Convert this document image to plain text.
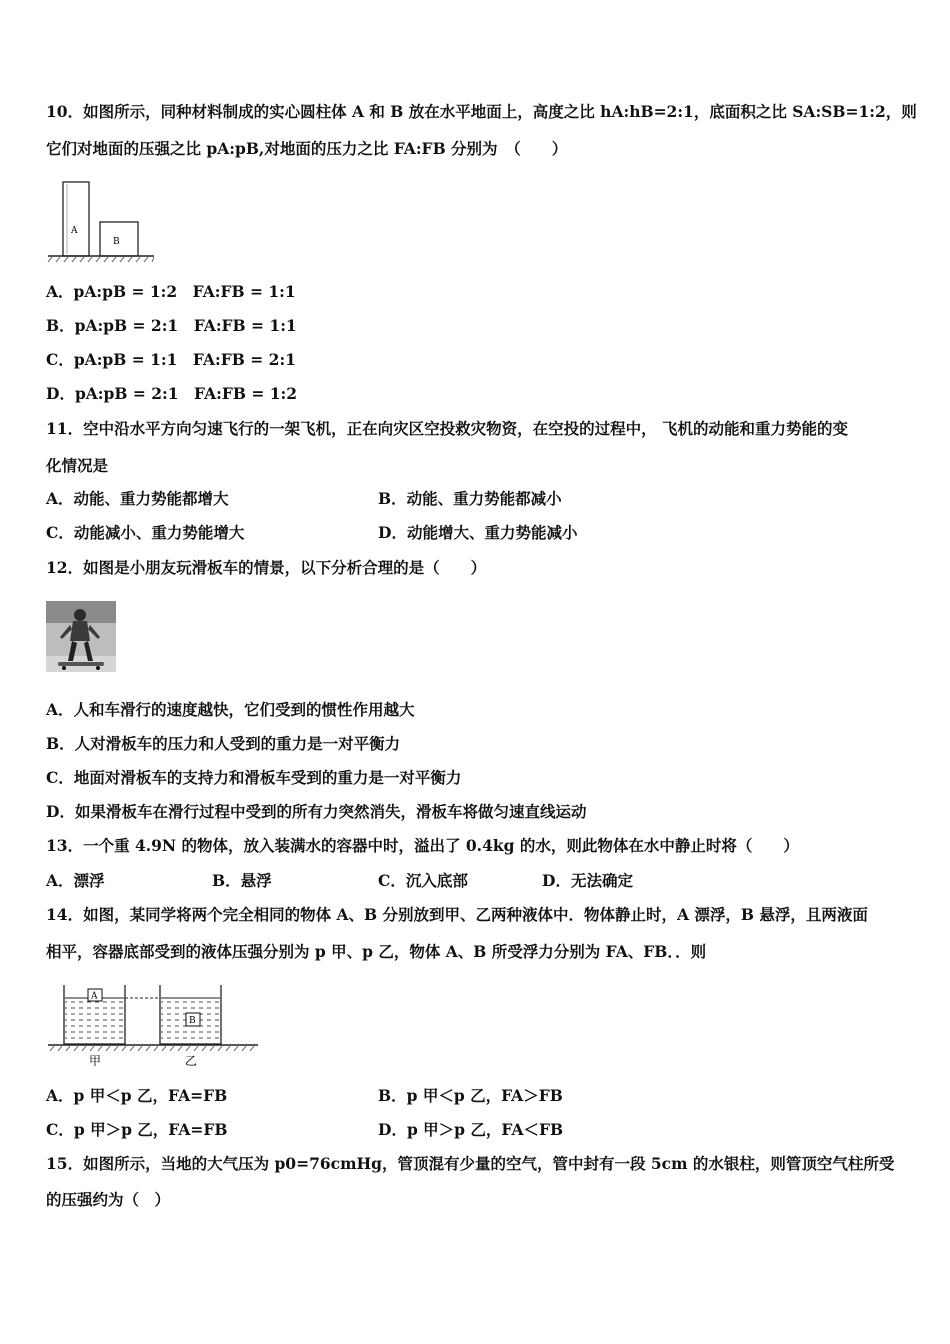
10．如图所示，同种材料制成的实心圆柱体 A 和 B 放在水平地面上，高度之比 hA:hB=2:1，底面积之比 SA:SB=1:2，则
它们对地面的压强之比 pA:pB,对地面的压力之比 FA:FB 分别为　（　　）
A
B
A．pA:pB = 1:2　FA:FB = 1:1
B．pA:pB = 2:1　FA:FB = 1:1
C．pA:pB = 1:1　FA:FB = 2:1
D．pA:pB = 2:1　FA:FB = 1:2
11．空中沿水平方向匀速飞行的一架飞机，正在向灾区空投救灾物资，在空投的过程中， 飞机的动能和重力势能的变
化情况是
A．动能、重力势能都增大	B．动能、重力势能都减小
C．动能减小、重力势能增大	D．动能增大、重力势能减小
12．如图是小朋友玩滑板车的情景，以下分析合理的是（　　）
A．人和车滑行的速度越快，它们受到的惯性作用越大
B．人对滑板车的压力和人受到的重力是一对平衡力
C．地面对滑板车的支持力和滑板车受到的重力是一对平衡力
D．如果滑板车在滑行过程中受到的所有力突然消失，滑板车将做匀速直线运动
13．一个重 4.9N 的物体，放入装满水的容器中时，溢出了 0.4kg 的水，则此物体在水中静止时将（　　）
A．漂浮	B．悬浮	C．沉入底部	D．无法确定
14．如图，某同学将两个完全相同的物体 A、B 分别放到甲、乙两种液体中．物体静止时，A 漂浮，B 悬浮，且两液面
相平，容器底部受到的液体压强分别为 p 甲、p 乙，物体 A、B 所受浮力分别为 FA、FB．．则
A
B
甲	乙
A．p 甲＜p 乙，FA=FB	B．p 甲＜p 乙，FA＞FB
C．p 甲＞p 乙，FA=FB	D．p 甲＞p 乙，FA＜FB
15．如图所示，当地的大气压为 p0=76cmHg，管顶混有少量的空气，管中封有一段 5cm 的水银柱，则管顶空气柱所受
的压强约为（　）
